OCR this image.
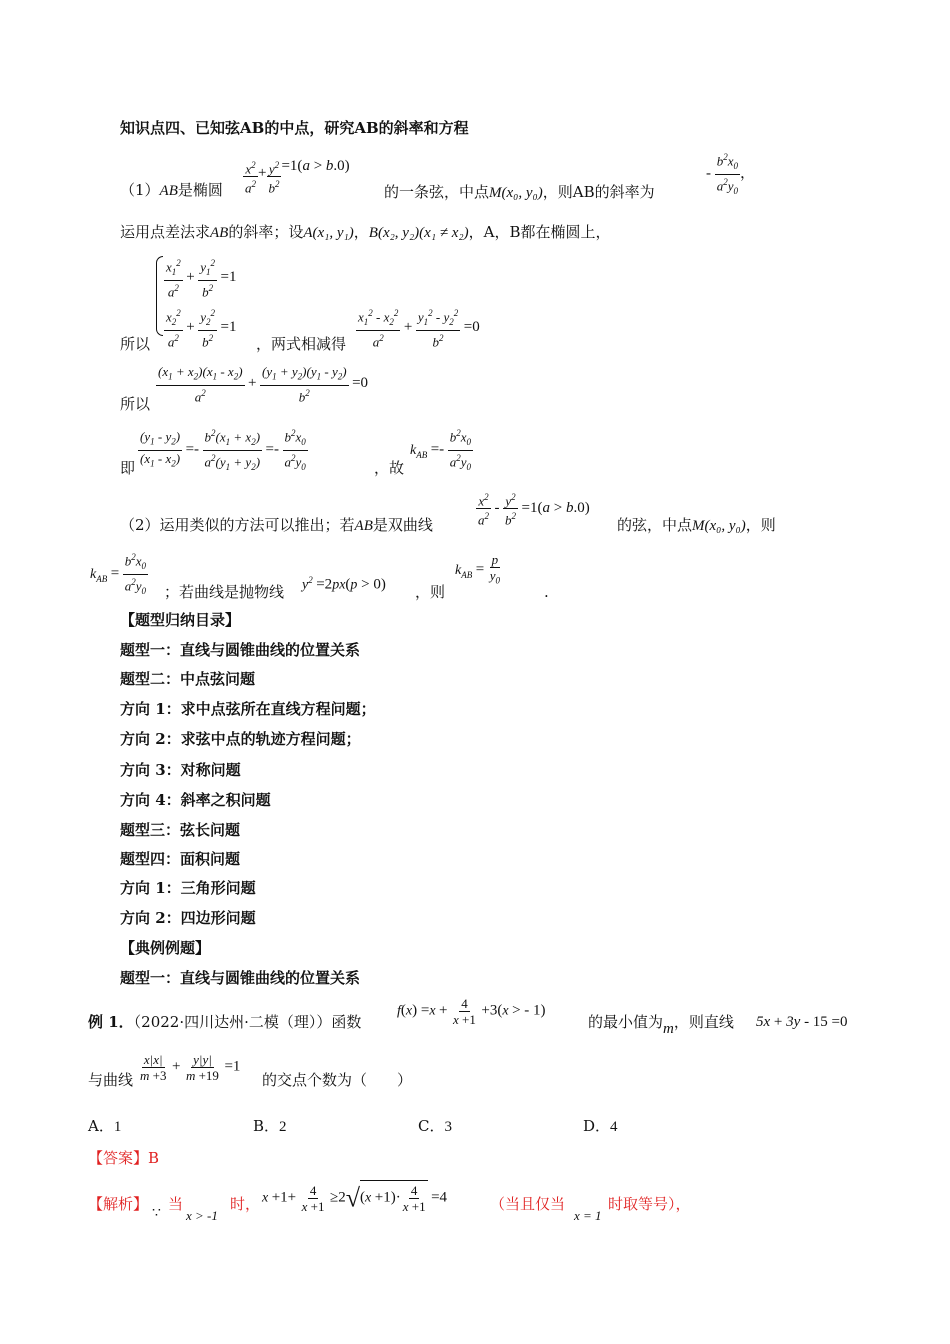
知识点四、已知弦AB的中点，研究AB的斜率和方程
（1）AB是椭圆 $\frac{x^2}{a^2} + \frac{y^2}{b^2} =1(a > b.0)$
的一条弦，中点M(x₀, y₀)，则AB的斜率为
- $\frac{b^2x_0}{a^2y_0}$ ，
运用点差法求AB的斜率；设A(x₁, y₁)，B(x₂, y₂)(x₁ ≠ x₂)，A，B都在椭圆上，
$\frac{x_1^2}{a^2} + \frac{y_1^2}{b^2} =1$
$\frac{x_2^2}{a^2} + \frac{y_2^2}{b^2} =1$
所以	，两式相减得 $\frac{x_1^2 - x_2^2}{a^2} + \frac{y_1^2 - y_2^2}{b^2} =0$
$\frac{(x_1 + x_2)(x_1 - x_2)}{a^2} + \frac{(y_1 + y_2)(y_1 - y_2)}{b^2} =0$
所以
$\frac{(y_1 - y_2)}{(x_1 - x_2)} =- \frac{b^2(x_1 + x_2)}{a^2(y_1 + y_2)} =- \frac{b^2x_0}{a^2y_0}$
即	，故
$k_{AB} =- \frac{b^2x_0}{a^2y_0}$
（2）运用类似的方法可以推出；若AB是双曲线	$\frac{x^2}{a^2} - \frac{y^2}{b^2} =1(a > b.0)$
的弦，中点M(x₀, y₀)，则
$k_{AB} = \frac{b^2x_0}{a^2y_0}$ ；若曲线是抛物线 $y^2 =2px(p > 0)$ ，则
$k_{AB} = \frac{p}{y_0}$
.
【题型归纳目录】
题型一：直线与圆锥曲线的位置关系
题型二：中点弦问题
方向 1：求中点弦所在直线方程问题；
方向 2：求弦中点的轨迹方程问题；
方向 3：对称问题
方向 4：斜率之积问题
题型三：弦长问题
题型四：面积问题
方向 1：三角形问题
方向 2：四边形问题
【典例例题】
题型一：直线与圆锥曲线的位置关系
例 1．（2022·四川达州·二模（理））函数
$f(x) =x + \frac{4}{x +1} +3(x$ > - 1)
的最小值为m，则直线 5x + 3y - 15 =0
与曲线 $\frac{x|x|}{m +3} + \frac{y|y|}{m +19} =1$
的交点个数为（　　）
A．1	B．2	C．3	D．4
【答案】B
【解析】
∵
当
x > -1
时， $x +1+ \frac{4}{x +1} \ge 2√(x +1)\cdot \frac{4}{x +1} =4$	（当且仅当
x = 1
时取等号），
